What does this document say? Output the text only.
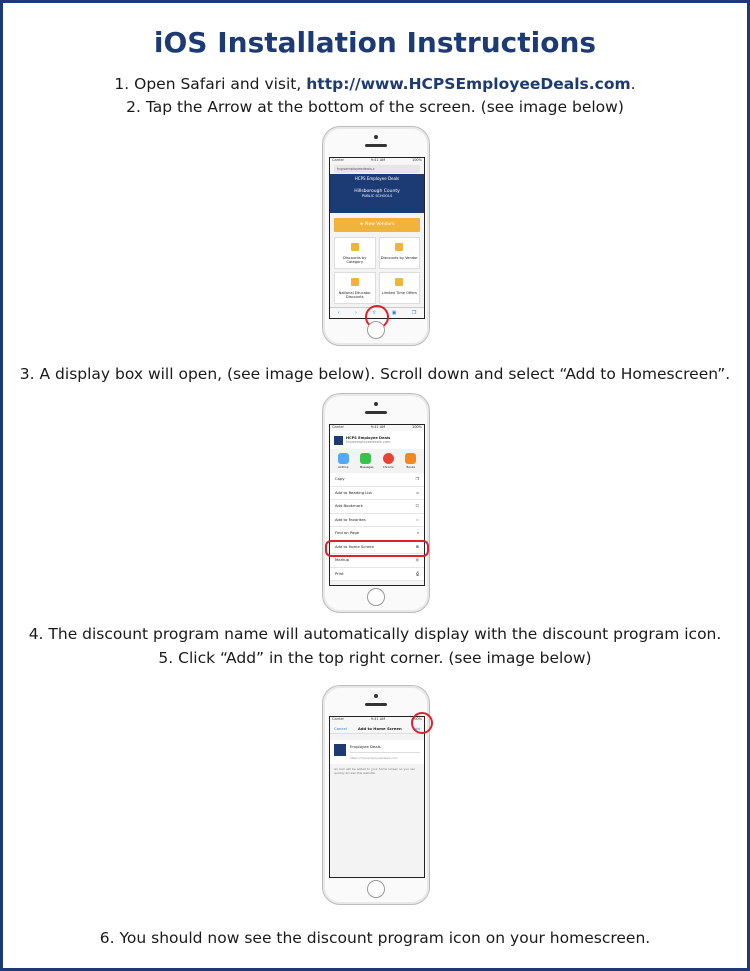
iOS Installation Instructions
1. Open Safari and visit, http://www.HCPSEmployeeDeals.com.
2. Tap the Arrow at the bottom of the screen. (see image below)
Carrier	9:41 AM	100%
hcpsemployeedeals.c
HCPS Employee Deals
Hillsborough County
PUBLIC SCHOOLS
★ New Vendors
Discounts by Category
Discounts by Vendor
National Educator Discounts
Limited Time Offers
‹	›	⇧	▣	❐
3. A display box will open, (see image below). Scroll down and select “Add to Homescreen”.
Carrier	9:41 AM	100%
HCPS Employee Deals
hcpsemployeedeals.com
AirDrop	Messages	Chrome	Books
Copy	❐
Add to Reading List	∞
Add Bookmark	☐
Add to Favorites	☆
Find on Page	⌕
Add to Home Screen	⊞
Markup	◎
Print	⎙
4. The discount program name will automatically display with the discount program icon.
5. Click “Add” in the top right corner. (see image below)
Carrier	9:41 AM	100%
Cancel	Add to Home Screen	Add
Employee Deals
https://hcpsemployeedeals.com
An icon will be added to your home screen so you can quickly access this website.
6. You should now see the discount program icon on your homescreen.
